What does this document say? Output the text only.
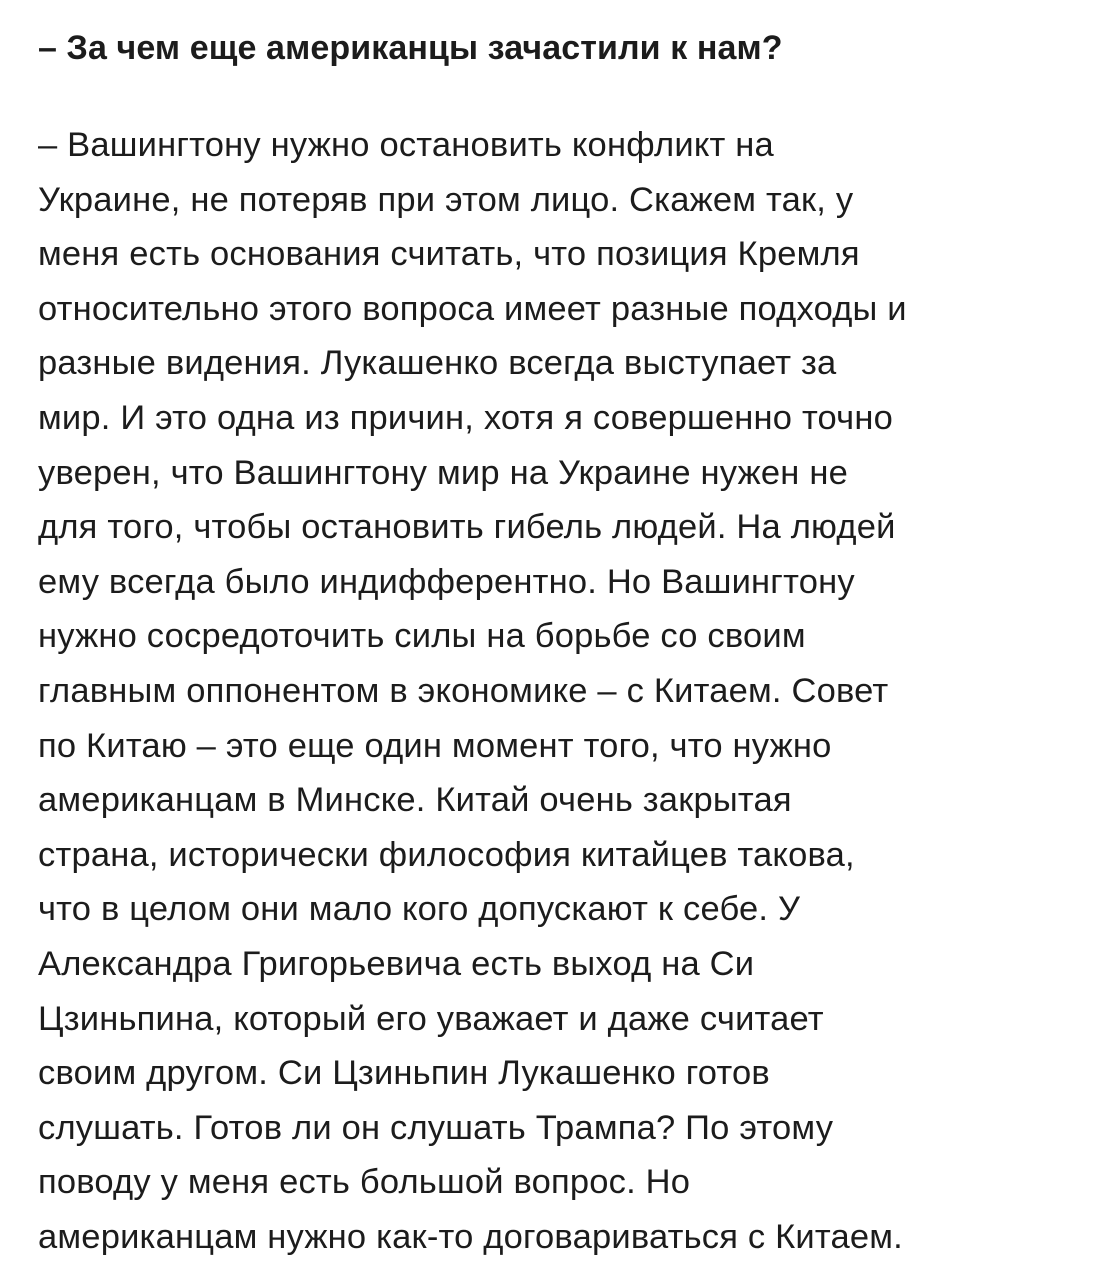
– За чем еще американцы зачастили к нам?
– Вашингтону нужно остановить конфликт на
Украине, не потеряв при этом лицо. Скажем так, у
меня есть основания считать, что позиция Кремля
относительно этого вопроса имеет разные подходы и
разные видения. Лукашенко всегда выступает за
мир. И это одна из причин, хотя я совершенно точно
уверен, что Вашингтону мир на Украине нужен не
для того, чтобы остановить гибель людей. На людей
ему всегда было индифферентно. Но Вашингтону
нужно сосредоточить силы на борьбе со своим
главным оппонентом в экономике – с Китаем. Совет
по Китаю – это еще один момент того, что нужно
американцам в Минске. Китай очень закрытая
страна, исторически философия китайцев такова,
что в целом они мало кого допускают к себе. У
Александра Григорьевича есть выход на Си
Цзиньпина, который его уважает и даже считает
своим другом. Си Цзиньпин Лукашенко готов
слушать. Готов ли он слушать Трампа? По этому
поводу у меня есть большой вопрос. Но
американцам нужно как-то договариваться с Китаем.
